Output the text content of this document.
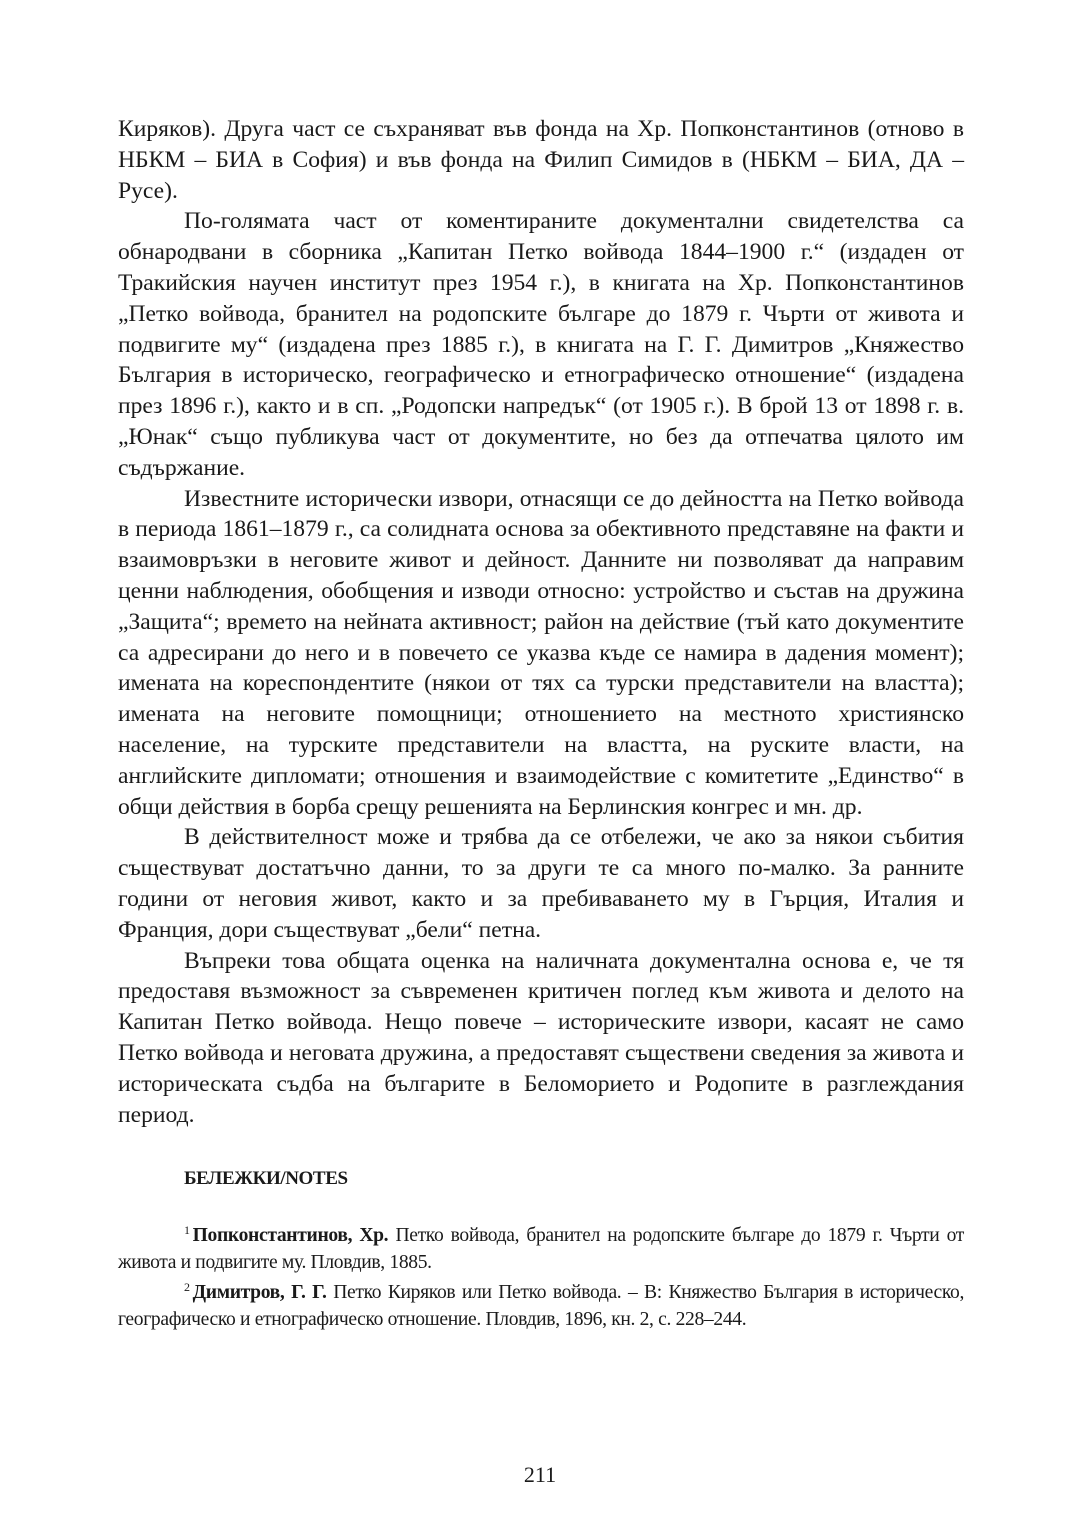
Киряков). Друга част се съхраняват във фонда на Хр. Попконстантинов (отново в НБКМ – БИА в София) и във фонда на Филип Симидов в (НБКМ – БИА, ДА – Русе).

По-голямата част от коментираните документални свидетелства са обнародвани в сборника „Капитан Петко войвода 1844–1900 г.“ (издаден от Тракийския научен институт през 1954 г.), в книгата на Хр. Попконстантинов „Петко войвода, бранител на родопските българе до 1879 г. Чърти от живота и подвигите му“ (издадена през 1885 г.), в книгата на Г. Г. Димитров „Княжество България в историческо, географическо и етнографическо отношение“ (издадена през 1896 г.), както и в сп. „Родопски напредък“ (от 1905 г.). В брой 13 от 1898 г. в. „Юнак“ също публикува част от документите, но без да отпечатва цялото им съдържание.

Известните исторически извори, отнасящи се до дейността на Петко войвода в периода 1861–1879 г., са солидната основа за обективното представяне на факти и взаимовръзки в неговите живот и дейност. Данните ни позволяват да направим ценни наблюдения, обобщения и изводи относно: устройство и състав на дружина „Защита“; времето на нейната активност; район на действие (тъй като документите са адресирани до него и в повечето се указва къде се намира в дадения момент); имената на кореспондентите (някои от тях са турски представители на властта); имената на неговите помощници; отношението на местното християнско население, на турските представители на властта, на руските власти, на английските дипломати; отношения и взаимодействие с комитетите „Единство“ в общи действия в борба срещу решенията на Берлинския конгрес и мн. др.

В действителност може и трябва да се отбележи, че ако за някои събития съществуват достатъчно данни, то за други те са много по-малко. За ранните години от неговия живот, както и за пребиваването му в Гърция, Италия и Франция, дори съществуват „бели“ петна.

Въпреки това общата оценка на наличната документална основа е, че тя предоставя възможност за съвременен критичен поглед към живота и делото на Капитан Петко войвода. Нещо повече – историческите извори, касаят не само Петко войвода и неговата дружина, а предоставят съществени сведения за живота и историческата съдба на българите в Беломорието и Родопите в разглеждания период.

БЕЛЕЖКИ/NOTES

$^1$ Попконстантинов, Хр. Петко войвода, бранител на родопските българе до 1879 г. Чърти от живота и подвигите му. Пловдив, 1885.

$^2$ Димитров, Г. Г. Петко Киряков или Петко войвода. – В: Княжество България в историческо, географическо и етнографическо отношение. Пловдив, 1896, кн. 2, с. 228–244.

211
